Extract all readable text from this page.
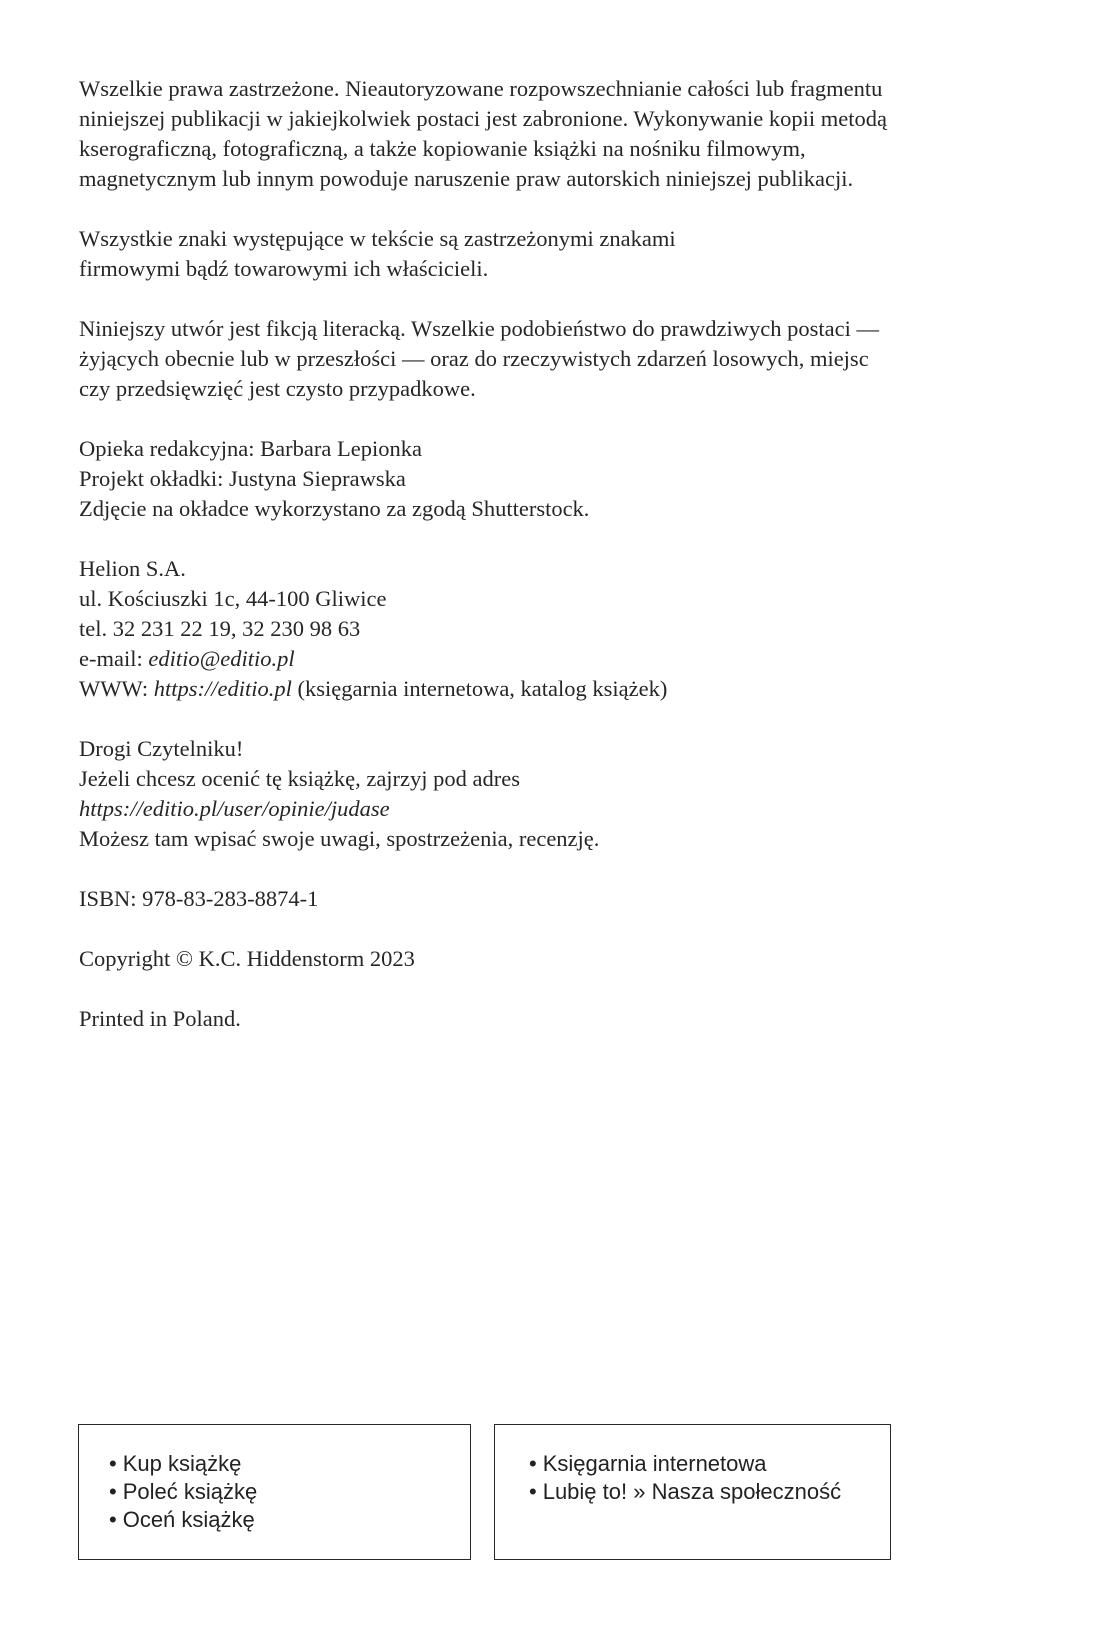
Wszelkie prawa zastrzeżone. Nieautoryzowane rozpowszechnianie całości lub fragmentu
niniejszej publikacji w jakiejkolwiek postaci jest zabronione. Wykonywanie kopii metodą
kserograficzną, fotograficzną, a także kopiowanie książki na nośniku filmowym,
magnetycznym lub innym powoduje naruszenie praw autorskich niniejszej publikacji.

Wszystkie znaki występujące w tekście są zastrzeżonymi znakami
firmowymi bądź towarowymi ich właścicieli.

Niniejszy utwór jest fikcją literacką. Wszelkie podobieństwo do prawdziwych postaci —
żyjących obecnie lub w przeszłości — oraz do rzeczywistych zdarzeń losowych, miejsc
czy przedsięwzięć jest czysto przypadkowe.

Opieka redakcyjna: Barbara Lepionka
Projekt okładki: Justyna Sieprawska
Zdjęcie na okładce wykorzystano za zgodą Shutterstock.

Helion S.A.
ul. Kościuszki 1c, 44-100 Gliwice
tel. 32 231 22 19, 32 230 98 63
e-mail: editio@editio.pl
WWW: https://editio.pl (księgarnia internetowa, katalog książek)

Drogi Czytelniku!
Jeżeli chcesz ocenić tę książkę, zajrzyj pod adres
https://editio.pl/user/opinie/judase
Możesz tam wpisać swoje uwagi, spostrzeżenia, recenzję.

ISBN: 978-83-283-8874-1

Copyright © K.C. Hiddenstorm 2023

Printed in Poland.

• Kup książkę
• Poleć książkę
• Oceń książkę
• Księgarnia internetowa
• Lubię to! » Nasza społeczność
